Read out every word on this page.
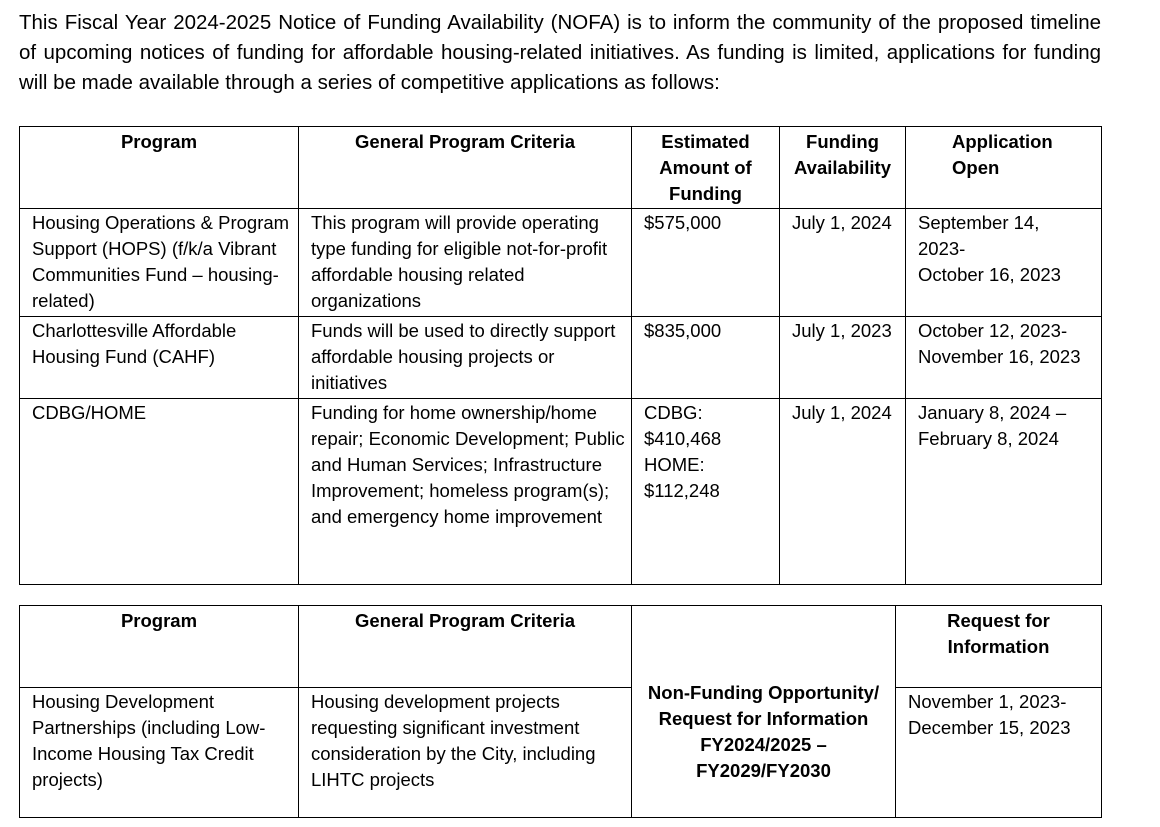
This Fiscal Year 2024-2025 Notice of Funding Availability (NOFA) is to inform the community of the proposed timeline of upcoming notices of funding for affordable housing-related initiatives. As funding is limited, applications for funding will be made available through a series of competitive applications as follows:

Program	General Program Criteria	Estimated Amount of Funding	Funding Availability	Application Open

Housing Operations & Program Support (HOPS) (f/k/a Vibrant Communities Fund – housing-related)	This program will provide operating type funding for eligible not-for-profit affordable housing related organizations	$575,000	July 1, 2024	September 14,
2023-
October 16, 2023

Charlottesville Affordable Housing Fund (CAHF)	Funds will be used to directly support affordable housing projects or initiatives	$835,000	July 1, 2023	October 12, 2023-
November 16, 2023

CDBG/HOME	Funding for home ownership/home repair; Economic Development; Public and Human Services; Infrastructure Improvement; homeless program(s); and emergency home improvement	CDBG:
$410,468
HOME:
$112,248	July 1, 2024	January 8, 2024 –
February 8, 2024
Program	General Program Criteria	Non-Funding Opportunity/
Request for Information
FY2024/2025 –
FY2029/FY2030	Request for Information

Housing Development Partnerships (including Low-Income Housing Tax Credit projects)	Housing development projects requesting significant investment consideration by the City, including LIHTC projects		November 1, 2023-
December 15, 2023
